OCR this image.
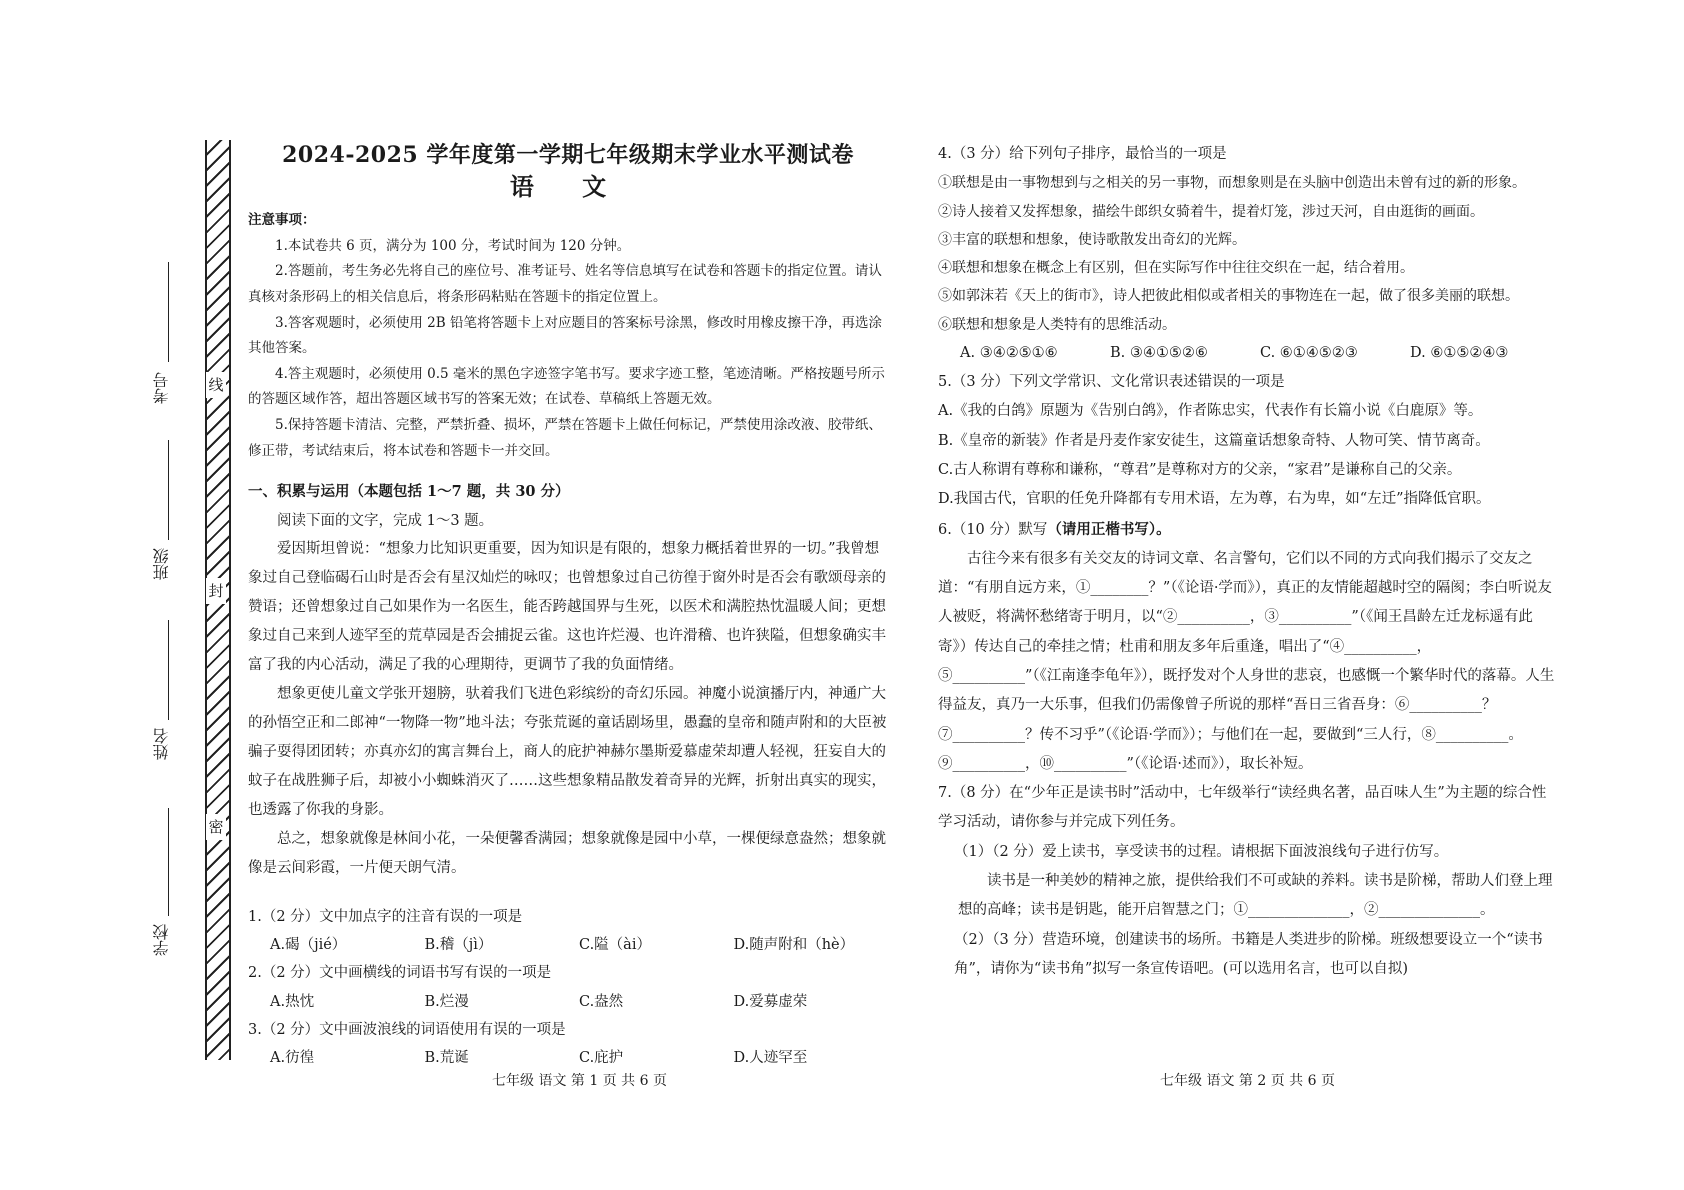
线
封
密
考号
班级
姓名
学校
2024-2025 学年度第一学期七年级期末学业水平测试卷
语 文

注意事项：

1.本试卷共 6 页，满分为 100 分，考试时间为 120 分钟。

2.答题前，考生务必先将自己的座位号、准考证号、姓名等信息填写在试卷和答题卡的指定位置。请认真核对条形码上的相关信息后，将条形码粘贴在答题卡的指定位置上。

3.答客观题时，必须使用 2B 铅笔将答题卡上对应题目的答案标号涂黑，修改时用橡皮擦干净，再选涂其他答案。

4.答主观题时，必须使用 0.5 毫米的黑色字迹签字笔书写。要求字迹工整，笔迹清晰。严格按题号所示的答题区域作答，超出答题区域书写的答案无效；在试卷、草稿纸上答题无效。

5.保持答题卡清洁、完整，严禁折叠、损坏，严禁在答题卡上做任何标记，严禁使用涂改液、胶带纸、修正带，考试结束后，将本试卷和答题卡一并交回。

一、积累与运用（本题包括 1～7 题，共 30 分）

阅读下面的文字，完成 1～3 题。

爱因斯坦曾说：“想象力比知识更重要，因为知识是有限的，想象力概括着世界的一切。”我曾想象过自己登临碣石山时是否会有星汉灿烂的咏叹；也曾想象过自己彷徨于窗外时是否会有歌颂母亲的赞语；还曾想象过自己如果作为一名医生，能否跨越国界与生死，以医术和满腔热忱温暖人间；更想象过自己来到人迹罕至的荒草园是否会捕捉云雀。这也许烂漫、也许滑稽、也许狭隘，但想象确实丰富了我的内心活动，满足了我的心理期待，更调节了我的负面情绪。

想象更使儿童文学张开翅膀，驮着我们飞进色彩缤纷的奇幻乐园。神魔小说演播厅内，神通广大的孙悟空正和二郎神“一物降一物”地斗法；夸张荒诞的童话剧场里，愚蠢的皇帝和随声附和的大臣被骗子耍得团团转；亦真亦幻的寓言舞台上，商人的庇护神赫尔墨斯爱慕虚荣却遭人轻视，狂妄自大的蚊子在战胜狮子后，却被小小蜘蛛消灭了……这些想象精品散发着奇异的光辉，折射出真实的现实，也透露了你我的身影。

总之，想象就像是林间小花，一朵便馨香满园；想象就像是园中小草，一棵便绿意盎然；想象就像是云间彩霞，一片便天朗气清。

1.（2 分）文中加点字的注音有误的一项是

A.碣（jié）	B.稽（jì）	C.隘（ài）	D.随声附和（hè）

2.（2 分）文中画横线的词语书写有误的一项是

A.热忱	B.烂漫	C.盎然	D.爱募虚荣

3.（2 分）文中画波浪线的词语使用有误的一项是

A.彷徨	B.荒诞	C.庇护	D.人迹罕至
七年级 语文 第 1 页 共 6 页

4.（3 分）给下列句子排序，最恰当的一项是

①联想是由一事物想到与之相关的另一事物，而想象则是在头脑中创造出未曾有过的新的形象。

②诗人接着又发挥想象，描绘牛郎织女骑着牛，提着灯笼，涉过天河，自由逛街的画面。

③丰富的联想和想象，使诗歌散发出奇幻的光辉。

④联想和想象在概念上有区别，但在实际写作中往往交织在一起，结合着用。

⑤如郭沫若《天上的街市》，诗人把彼此相似或者相关的事物连在一起，做了很多美丽的联想。

⑥联想和想象是人类特有的思维活动。

A. ③④②⑤①⑥	B. ③④①⑤②⑥	C. ⑥①④⑤②③	D. ⑥①⑤②④③

5.（3 分）下列文学常识、文化常识表述错误的一项是

A.《我的白鸽》原题为《告别白鸽》，作者陈忠实，代表作有长篇小说《白鹿原》等。

B.《皇帝的新装》作者是丹麦作家安徒生，这篇童话想象奇特、人物可笑、情节离奇。

C.古人称谓有尊称和谦称，“尊君”是尊称对方的父亲，“家君”是谦称自己的父亲。

D.我国古代，官职的任免升降都有专用术语，左为尊，右为卑，如“左迁”指降低官职。

6.（10 分）默写（请用正楷书写）。

古往今来有很多有关交友的诗词文章、名言警句，它们以不同的方式向我们揭示了交友之道：“有朋自远方来，①________？”（《论语·学而》），真正的友情能超越时空的隔阂；李白听说友人被贬，将满怀愁绪寄于明月，以“②__________，③__________”（《闻王昌龄左迁龙标遥有此寄》）传达自己的牵挂之情；杜甫和朋友多年后重逢，唱出了“④__________，

⑤__________”（《江南逢李龟年》），既抒发对个人身世的悲哀，也感慨一个繁华时代的落幕。人生得益友，真乃一大乐事，但我们仍需像曾子所说的那样“吾日三省吾身：⑥__________？⑦__________？传不习乎”（《论语·学而》）；与他们在一起，要做到“三人行，⑧__________。⑨__________，⑩__________”（《论语·述而》），取长补短。

7.（8 分）在“少年正是读书时”活动中，七年级举行“读经典名著，品百味人生”为主题的综合性学习活动，请你参与并完成下列任务。

（1）（2 分）爱上读书，享受读书的过程。请根据下面波浪线句子进行仿写。

读书是一种美妙的精神之旅，提供给我们不可或缺的养料。读书是阶梯，帮助人们登上理想的高峰；读书是钥匙，能开启智慧之门；①______________，②______________。

（2）（3 分）营造环境，创建读书的场所。书籍是人类进步的阶梯。班级想要设立一个“读书角”，请你为“读书角”拟写一条宣传语吧。(可以选用名言，也可以自拟)

七年级 语文 第 2 页 共 6 页
